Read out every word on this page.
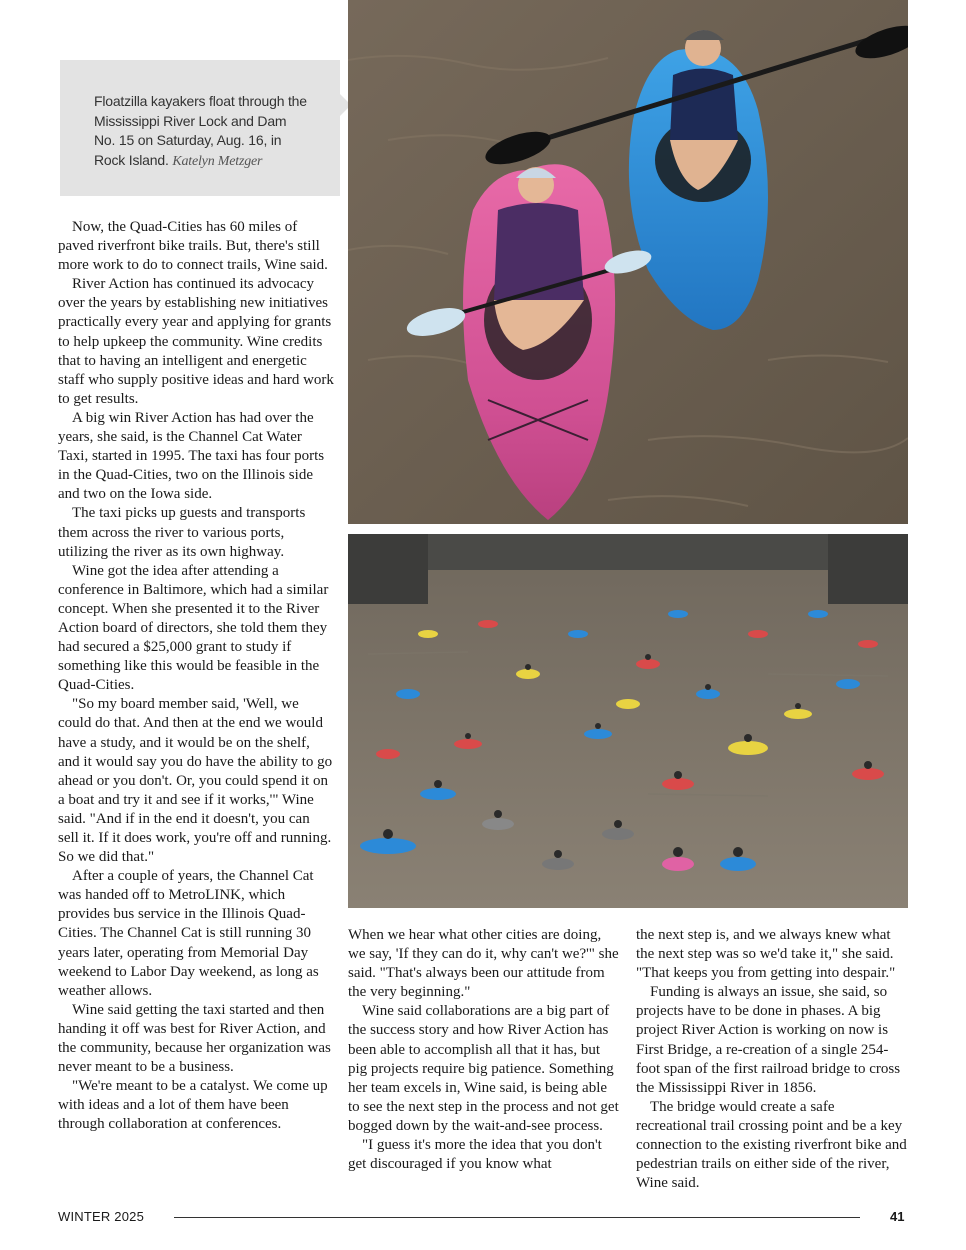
Floatzilla kayakers float through the Mississippi River Lock and Dam No. 15 on Saturday, Aug. 16, in Rock Island. Katelyn Metzger

Now, the Quad-Cities has 60 miles of paved riverfront bike trails. But, there's still more work to do to connect trails, Wine said.

River Action has continued its advocacy over the years by establishing new initiatives practically every year and applying for grants to help upkeep the community. Wine credits that to having an intelligent and energetic staff who supply positive ideas and hard work to get results.

A big win River Action has had over the years, she said, is the Channel Cat Water Taxi, started in 1995. The taxi has four ports in the Quad-Cities, two on the Illinois side and two on the Iowa side.

The taxi picks up guests and transports them across the river to various ports, utilizing the river as its own highway.

Wine got the idea after attending a conference in Baltimore, which had a similar concept. When she presented it to the River Action board of directors, she told them they had secured a $25,000 grant to study if something like this would be feasible in the Quad-Cities.

"So my board member said, 'Well, we could do that. And then at the end we would have a study, and it would be on the shelf, and it would say you do have the ability to go ahead or you don't. Or, you could spend it on a boat and try it and see if it works,'" Wine said. "And if in the end it doesn't, you can sell it. If it does work, you're off and running. So we did that."

After a couple of years, the Channel Cat was handed off to MetroLINK, which provides bus service in the Illinois Quad-Cities. The Channel Cat is still running 30 years later, operating from Memorial Day weekend to Labor Day weekend, as long as weather allows.

Wine said getting the taxi started and then handing it off was best for River Action, and the community, because her organization was never meant to be a business.

"We're meant to be a catalyst. We come up with ideas and a lot of them have been through collaboration at conferences.

When we hear what other cities are doing, we say, 'If they can do it, why can't we?'" she said. "That's always been our attitude from the very beginning."

Wine said collaborations are a big part of the success story and how River Action has been able to accomplish all that it has, but pig projects require big patience. Something her team excels in, Wine said, is being able to see the next step in the process and not get bogged down by the wait-and-see process.

"I guess it's more the idea that you don't get discouraged if you know what

the next step is, and we always knew what the next step was so we'd take it," she said. "That keeps you from getting into despair."

Funding is always an issue, she said, so projects have to be done in phases. A big project River Action is working on now is First Bridge, a re-creation of a single 254-foot span of the first railroad bridge to cross the Mississippi River in 1856.

The bridge would create a safe recreational trail crossing point and be a key connection to the existing riverfront bike and pedestrian trails on either side of the river, Wine said.

WINTER 2025	41
